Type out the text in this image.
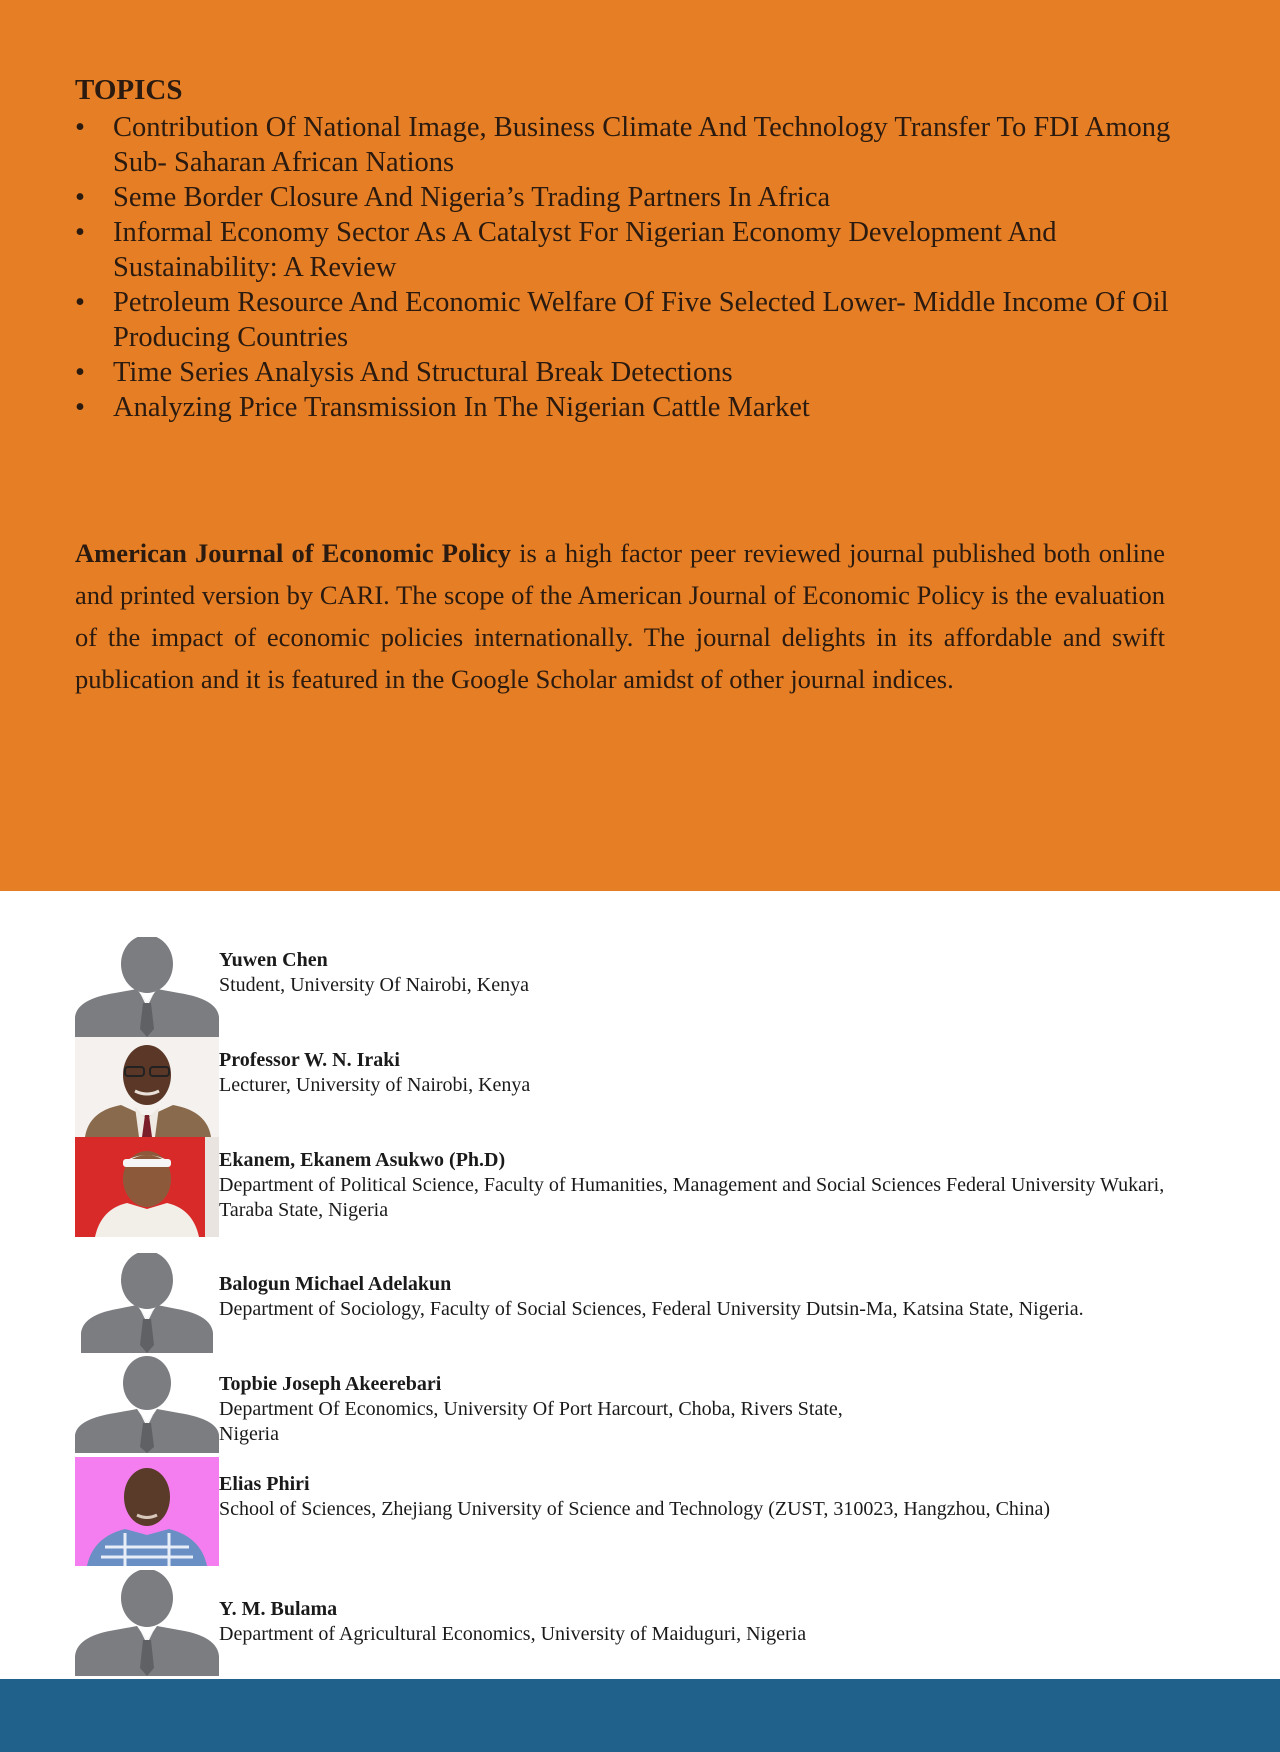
TOPICS
• Contribution Of National Image, Business Climate And Technology Transfer To FDI Among Sub- Saharan African Nations
• Seme Border Closure And Nigeria’s Trading Partners In Africa
• Informal Economy Sector As A Catalyst For Nigerian Economy Development And Sustainability: A Review
• Petroleum Resource And Economic Welfare Of Five Selected Lower- Middle Income Of Oil Producing Countries
• Time Series Analysis And Structural Break Detections
• Analyzing Price Transmission In The Nigerian Cattle Market

American Journal of Economic Policy is a high factor peer reviewed journal published both online and printed version by CARI. The scope of the American Journal of Economic Policy is the evaluation of the impact of economic policies internationally. The journal delights in its affordable and swift publication and it is featured in the Google Scholar amidst of other journal indices.

Yuwen Chen
Student, University Of Nairobi, Kenya
Professor W. N. Iraki
Lecturer, University of Nairobi, Kenya
Ekanem, Ekanem Asukwo (Ph.D)
Department of Political Science, Faculty of Humanities, Management and Social Sciences Federal University Wukari, Taraba State, Nigeria
Balogun Michael Adelakun
Department of Sociology, Faculty of Social Sciences, Federal University Dutsin-Ma, Katsina State, Nigeria.
Topbie Joseph Akeerebari
Department Of Economics, University Of Port Harcourt, Choba, Rivers State, Nigeria
Elias Phiri
School of Sciences, Zhejiang University of Science and Technology (ZUST, 310023, Hangzhou, China)
Y. M. Bulama
Department of Agricultural Economics, University of Maiduguri, Nigeria
